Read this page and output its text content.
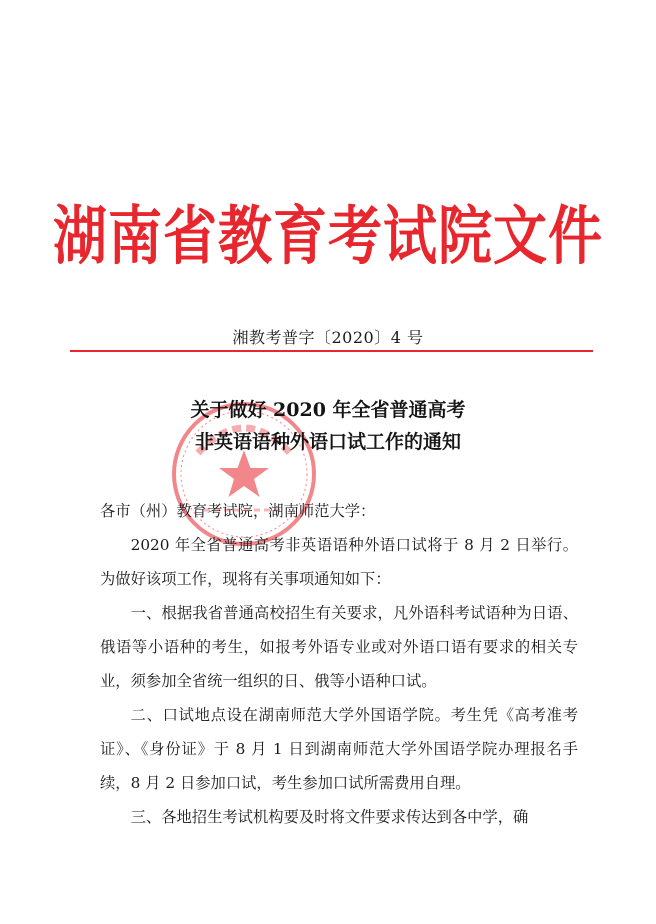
湖南省教育考试院文件
湘教考普字〔2020〕4 号
关于做好 2020 年全省普通高考
非英语语种外语口试工作的通知

各市（州）教育考试院，湖南师范大学：

2020 年全省普通高考非英语语种外语口试将于 8 月 2 日举行。为做好该项工作，现将有关事项通知如下：

一、根据我省普通高校招生有关要求，凡外语科考试语种为日语、俄语等小语种的考生，如报考外语专业或对外语口语有要求的相关专业，须参加全省统一组织的日、俄等小语种口试。

二、口试地点设在湖南师范大学外国语学院。考生凭《高考准考证》、《身份证》于 8 月 1 日到湖南师范大学外国语学院办理报名手续，8 月 2 日参加口试，考生参加口试所需费用自理。

三、各地招生考试机构要及时将文件要求传达到各中学，确
